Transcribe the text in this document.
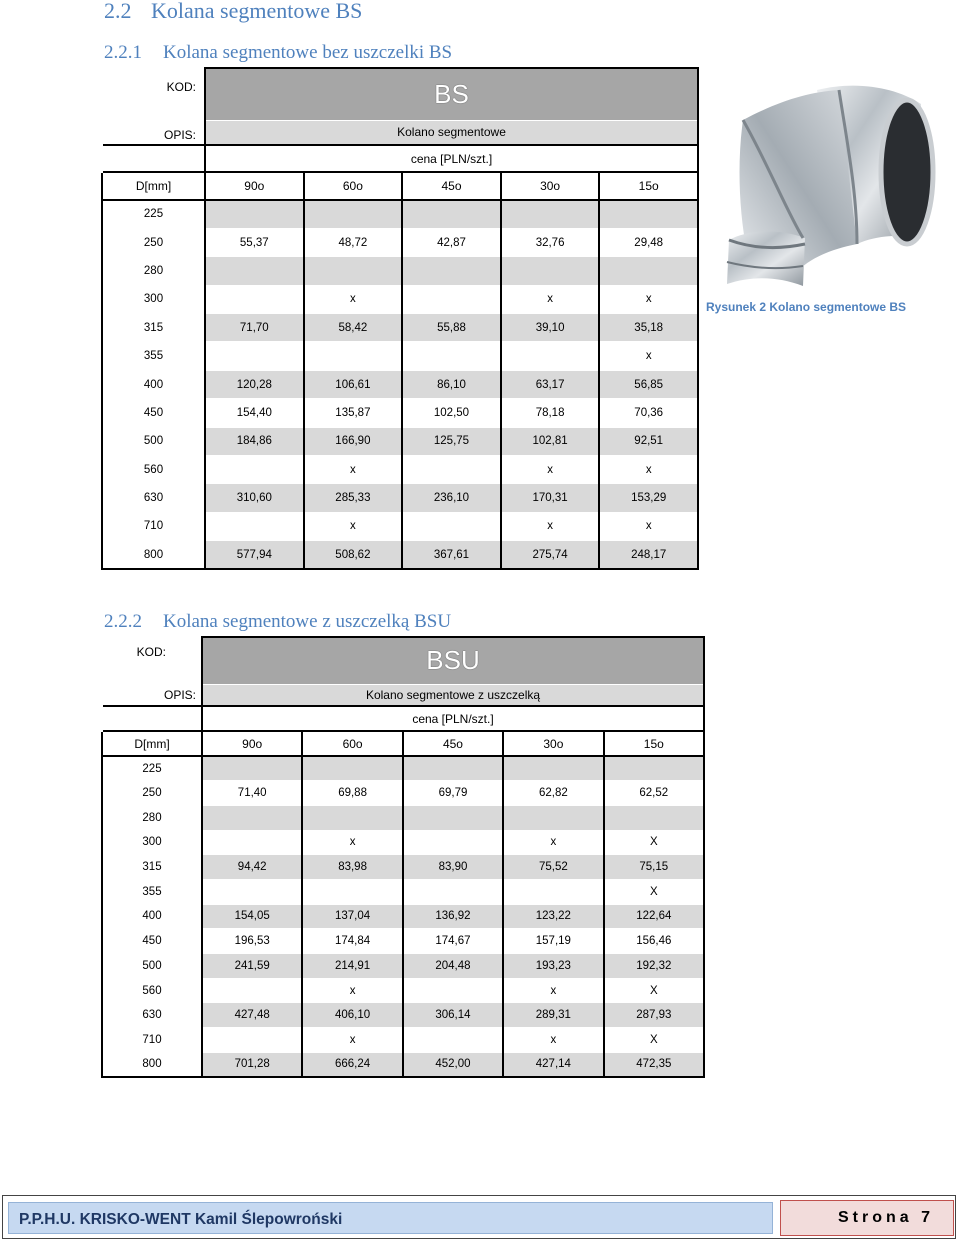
2.2 Kolana segmentowe BS
2.2.1 Kolana segmentowe bez uszczelki BS
KOD:
OPIS:
	BS				
	Kolano segmentowe				
	cena [PLN/szt.]				
D[mm]	90o	60o	45o	30o	15o
225					
250	55,37	48,72	42,87	32,76	29,48
280					
300		x		x	x
315	71,70	58,42	55,88	39,10	35,18
355					x
400	120,28	106,61	86,10	63,17	56,85
450	154,40	135,87	102,50	78,18	70,36
500	184,86	166,90	125,75	102,81	92,51
560		x		x	x
630	310,60	285,33	236,10	170,31	153,29
710		x		x	x
800	577,94	508,62	367,61	275,74	248,17
Rysunek 2 Kolano segmentowe BS
2.2.2 Kolana segmentowe z uszczelką BSU
KOD:
OPIS:
	BSU				
	Kolano segmentowe z uszczelką				
	cena [PLN/szt.]				
D[mm]	90o	60o	45o	30o	15o
225					
250	71,40	69,88	69,79	62,82	62,52
280					
300		x		x	X
315	94,42	83,98	83,90	75,52	75,15
355					X
400	154,05	137,04	136,92	123,22	122,64
450	196,53	174,84	174,67	157,19	156,46
500	241,59	214,91	204,48	193,23	192,32
560		x		x	X
630	427,48	406,10	306,14	289,31	287,93
710		x		x	X
800	701,28	666,24	452,00	427,14	472,35
P.P.H.U. KRISKO-WENT Kamil Ślepowroński	Strona 7
